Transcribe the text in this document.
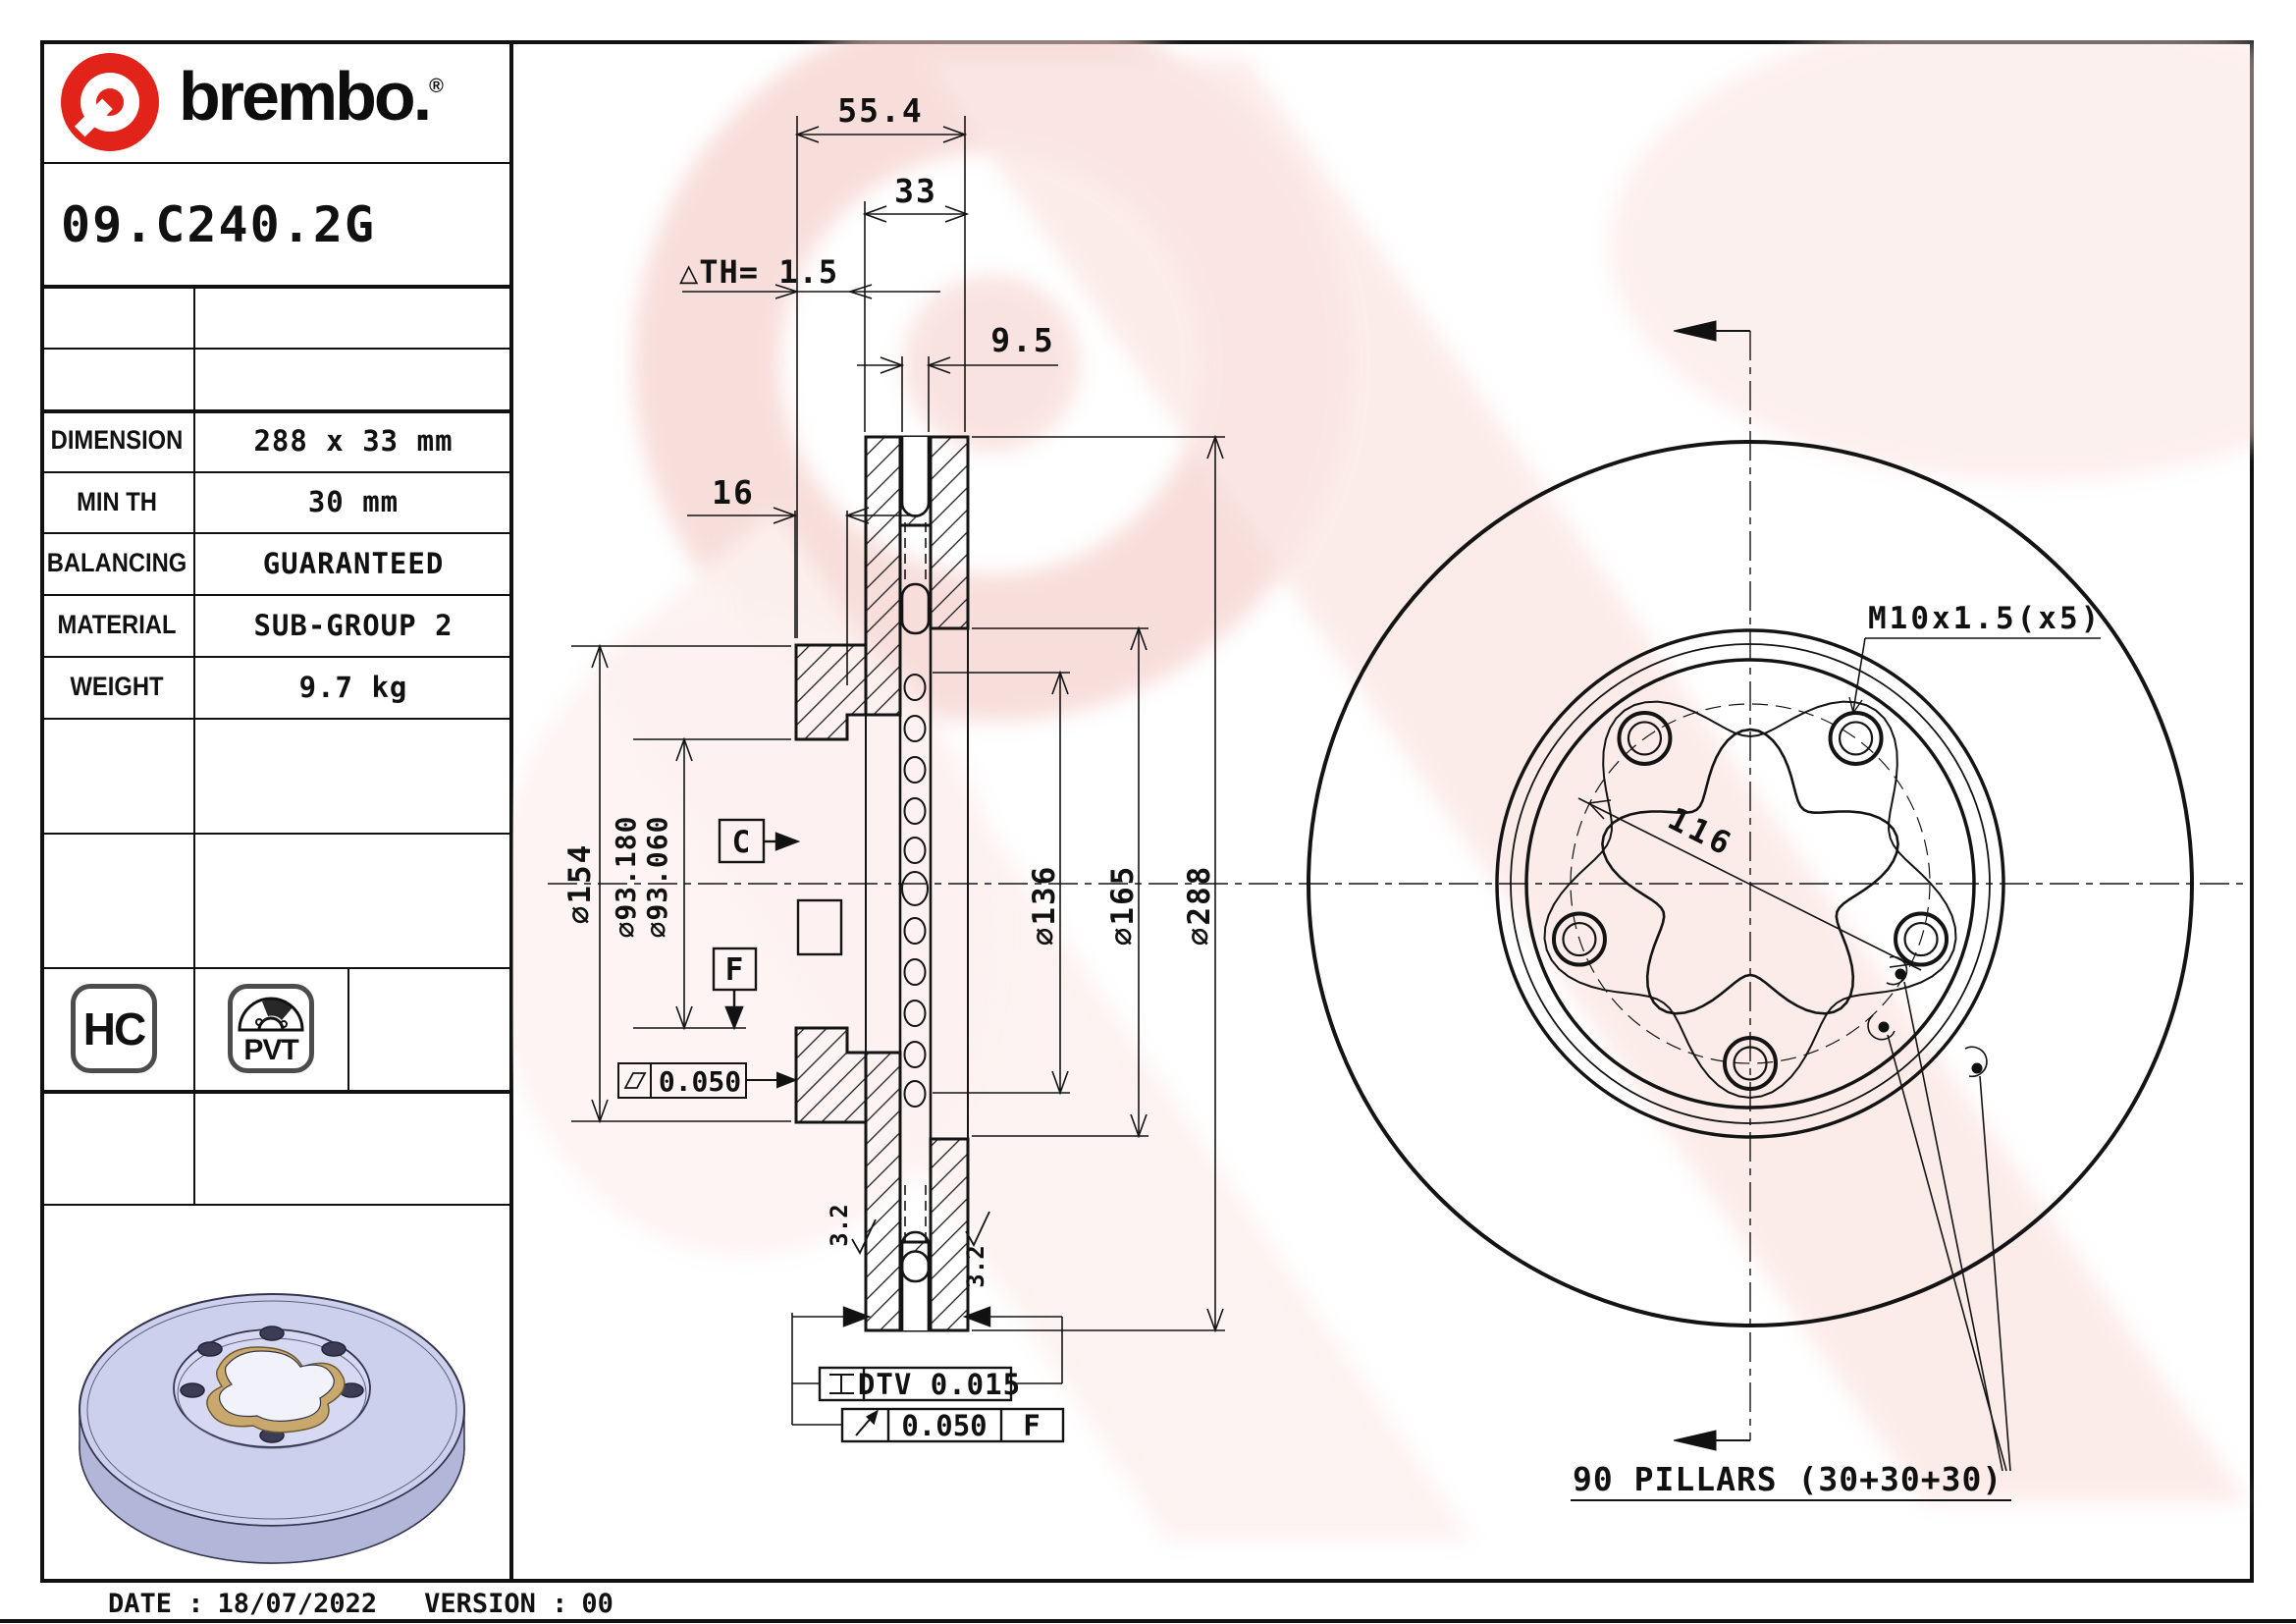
brembo.®
09.C240.2G
DIMENSION	288 x 33 mm
MIN TH	30 mm
BALANCING	GUARANTEED
MATERIAL	SUB-GROUP 2
WEIGHT	9.7 kg
HC	PVT
55.4
33
△TH= 1.5
9.5
16
⌀154 ⌀93.180 ⌀93.060	⌀136 ⌀165 ⌀288
C
F
0.050
DTV 0.015
0.050 F
3.2
3.2
M10x1.5(x5)
116
90 PILLARS (30+30+30)
DATE : 18/07/2022 VERSION : 00
